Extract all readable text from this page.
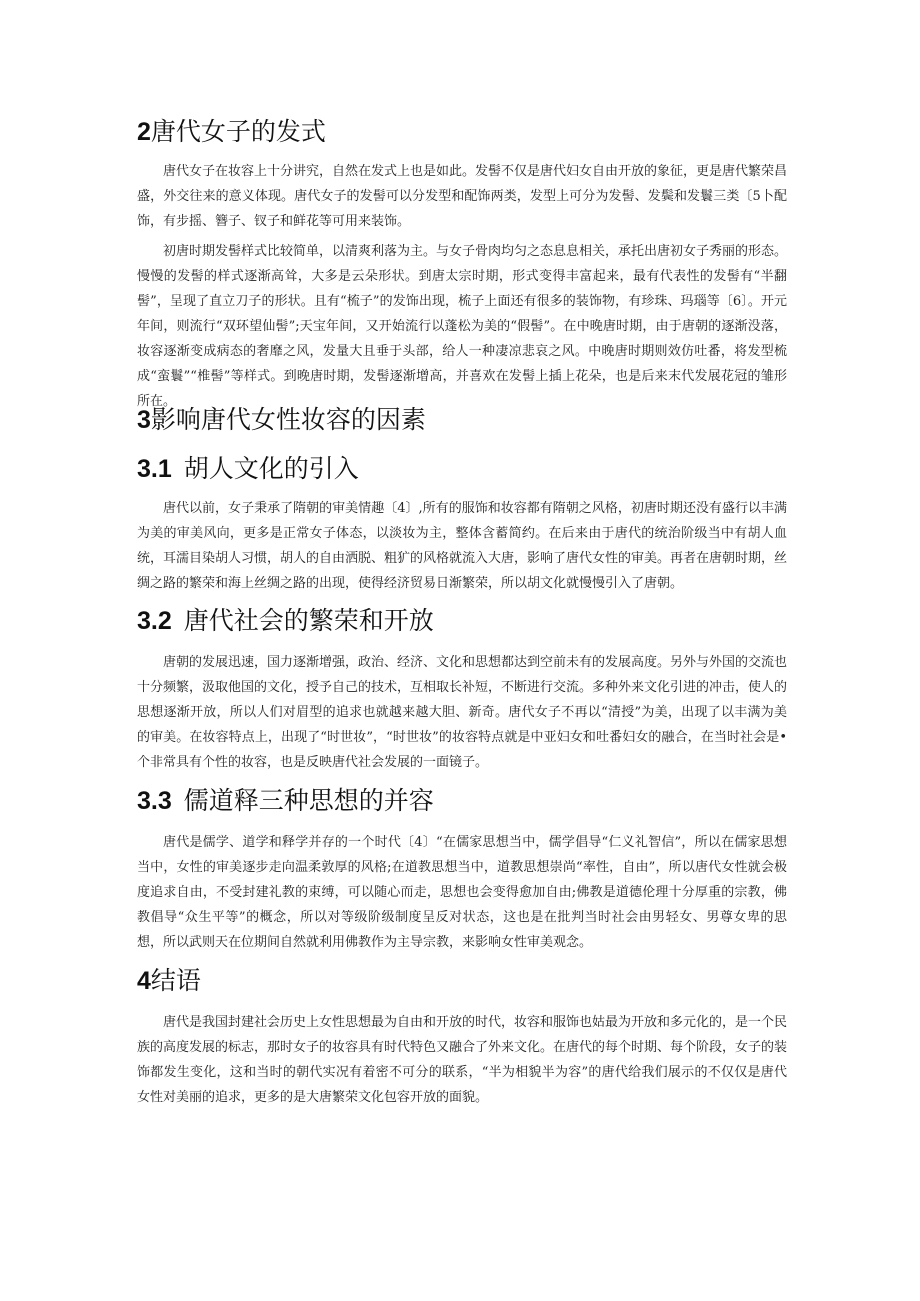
2唐代女子的发式
唐代女子在妆容上十分讲究，自然在发式上也是如此。发髻不仅是唐代妇女自由开放的象征，更是唐代繁荣昌盛，外交往来的意义体现。唐代女子的发髻可以分发型和配饰两类，发型上可分为发髻、发鬓和发鬟三类〔5卜配饰，有步摇、簪子、钗子和鲜花等可用来装饰。
初唐时期发髻样式比较简单，以清爽利落为主。与女子骨肉均匀之态息息相关，承托出唐初女子秀丽的形态。慢慢的发髻的样式逐渐高耸，大多是云朵形状。到唐太宗时期，形式变得丰富起来，最有代表性的发髻有“半翻髻”，呈现了直立刀子的形状。且有“梳子”的发饰出现，梳子上面还有很多的装饰物，有珍珠、玛瑙等〔6〕。开元年间，则流行“双环望仙髻”;天宝年间，又开始流行以蓬松为美的“假髻”。在中晚唐时期，由于唐朝的逐渐没落，妆容逐渐变成病态的奢靡之风，发量大且垂于头部，给人一种凄凉悲哀之风。中晚唐时期则效仿吐番，将发型梳成“蛮鬟”“椎髻”等样式。到晚唐时期，发髻逐渐增高，并喜欢在发髻上插上花朵，也是后来末代发展花冠的雏形所在。
3影响唐代女性妆容的因素
3.1 胡人文化的引入
唐代以前，女子秉承了隋朝的审美情趣〔4〕,所有的服饰和妆容都有隋朝之风格，初唐时期还没有盛行以丰满为美的审美风向，更多是正常女子体态，以淡妆为主，整体含蓄简约。在后来由于唐代的统治阶级当中有胡人血统，耳濡目染胡人习惯，胡人的自由洒脱、粗犷的风格就流入大唐，影响了唐代女性的审美。再者在唐朝时期，丝绸之路的繁荣和海上丝绸之路的出现，使得经济贸易日渐繁荣，所以胡文化就慢慢引入了唐朝。
3.2 唐代社会的繁荣和开放
唐朝的发展迅速，国力逐渐增强，政治、经济、文化和思想都达到空前未有的发展高度。另外与外国的交流也十分频繁，汲取他国的文化，授予自己的技术，互相取长补短，不断进行交流。多种外来文化引进的冲击，使人的思想逐渐开放，所以人们对眉型的追求也就越来越大胆、新奇。唐代女子不再以“清授”为美，出现了以丰满为美的审美。在妆容特点上，出现了“时世妆”，“时世妆”的妆容特点就是中亚妇女和吐番妇女的融合，在当时社会是•个非常具有个性的妆容，也是反映唐代社会发展的一面镜子。
3.3 儒道释三种思想的并容
唐代是儒学、道学和释学并存的一个时代〔4〕“在儒家思想当中，儒学倡导“仁义礼智信”，所以在儒家思想当中，女性的审美逐步走向温柔敦厚的风格;在道教思想当中，道教思想崇尚“率性，自由”，所以唐代女性就会极度追求自由，不受封建礼教的束缚，可以随心而走，思想也会变得愈加自由;佛教是道德伦理十分厚重的宗教，佛教倡导“众生平等”的概念，所以对等级阶级制度呈反对状态，这也是在批判当时社会由男轻女、男尊女卑的思想，所以武则天在位期间自然就利用佛教作为主导宗教，来影响女性审美观念。
4结语
唐代是我国封建社会历史上女性思想最为自由和开放的时代，妆容和服饰也姑最为开放和多元化的，是一个民族的高度发展的标志，那时女子的妆容具有时代特色又融合了外来文化。在唐代的每个时期、每个阶段，女子的装饰都发生变化，这和当时的朝代实况有着密不可分的联系，“半为相貌半为容”的唐代给我们展示的不仅仅是唐代女性对美丽的追求，更多的是大唐繁荣文化包容开放的面貌。
